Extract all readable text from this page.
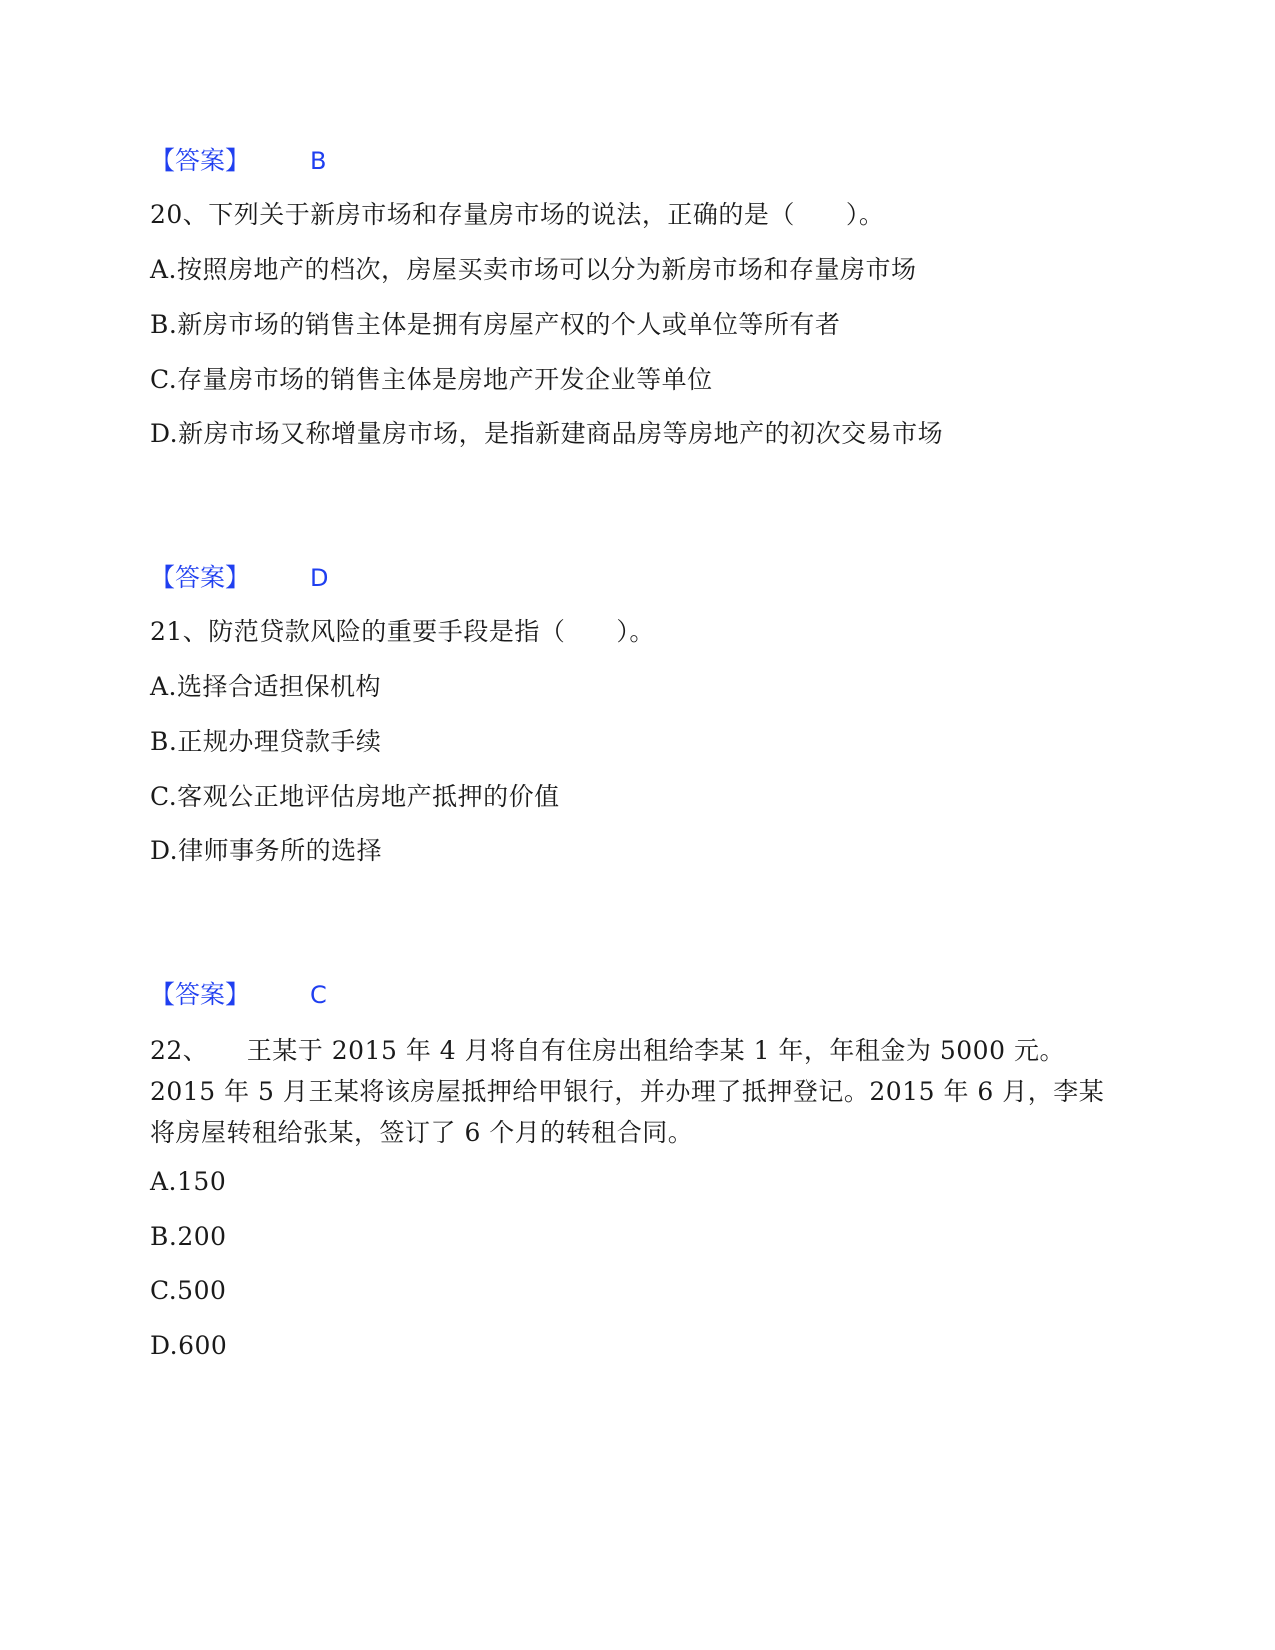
【答案】 B
20、下列关于新房市场和存量房市场的说法，正确的是（　　）。
A.按照房地产的档次，房屋买卖市场可以分为新房市场和存量房市场
B.新房市场的销售主体是拥有房屋产权的个人或单位等所有者
C.存量房市场的销售主体是房地产开发企业等单位
D.新房市场又称增量房市场，是指新建商品房等房地产的初次交易市场
【答案】 D
21、防范贷款风险的重要手段是指（　　）。
A.选择合适担保机构
B.正规办理贷款手续
C.客观公正地评估房地产抵押的价值
D.律师事务所的选择
【答案】 C
22、　　王某于 2015 年 4 月将自有住房出租给李某 1 年，年租金为 5000 元。2015 年 5 月王某将该房屋抵押给甲银行，并办理了抵押登记。2015 年 6 月，李某将房屋转租给张某，签订了 6 个月的转租合同。
A.150
B.200
C.500
D.600
